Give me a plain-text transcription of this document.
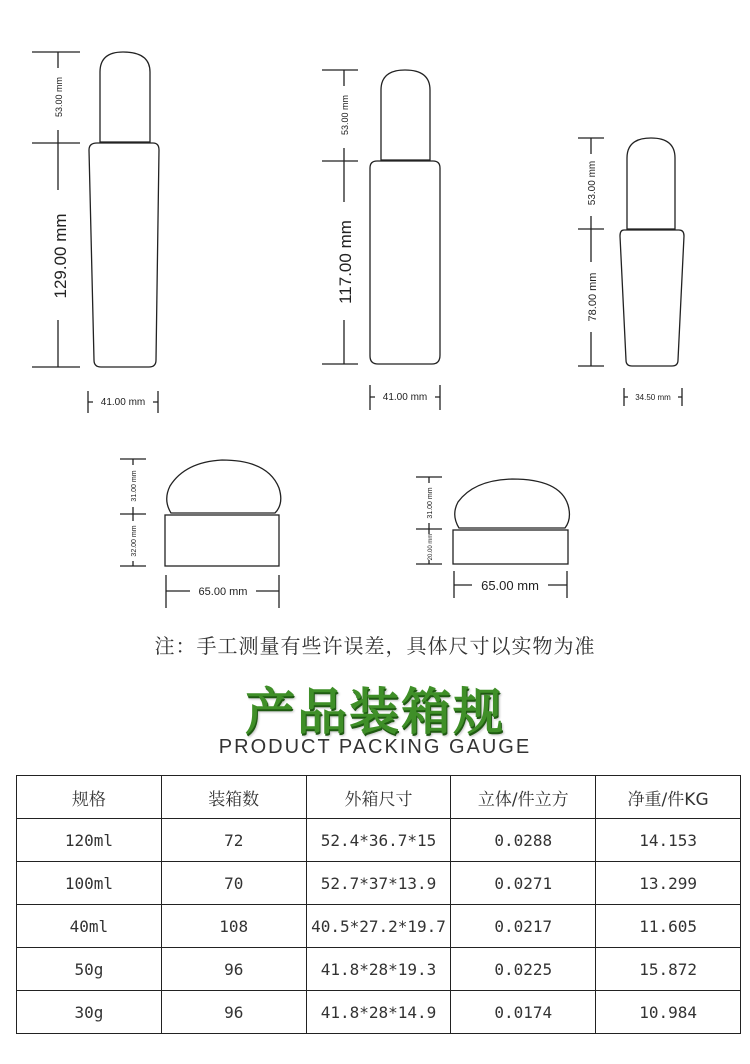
53.00 mm
129.00 mm
41.00 mm
53.00 mm
117.00 mm
41.00 mm
53.00 mm
78.00 mm
34.50 mm
31.00 mm
32.00 mm
65.00 mm
31.00 mm
20.00 mm
65.00 mm
注：手工测量有些许误差，具体尺寸以实物为准
产品装箱规
PRODUCT PACKING GAUGE
规格	装箱数	外箱尺寸	立体/件立方	净重/件KG
120ml	72	52.4*36.7*15	0.0288	14.153
100ml	70	52.7*37*13.9	0.0271	13.299
40ml	108	40.5*27.2*19.7	0.0217	11.605
50g	96	41.8*28*19.3	0.0225	15.872
30g	96	41.8*28*14.9	0.0174	10.984
